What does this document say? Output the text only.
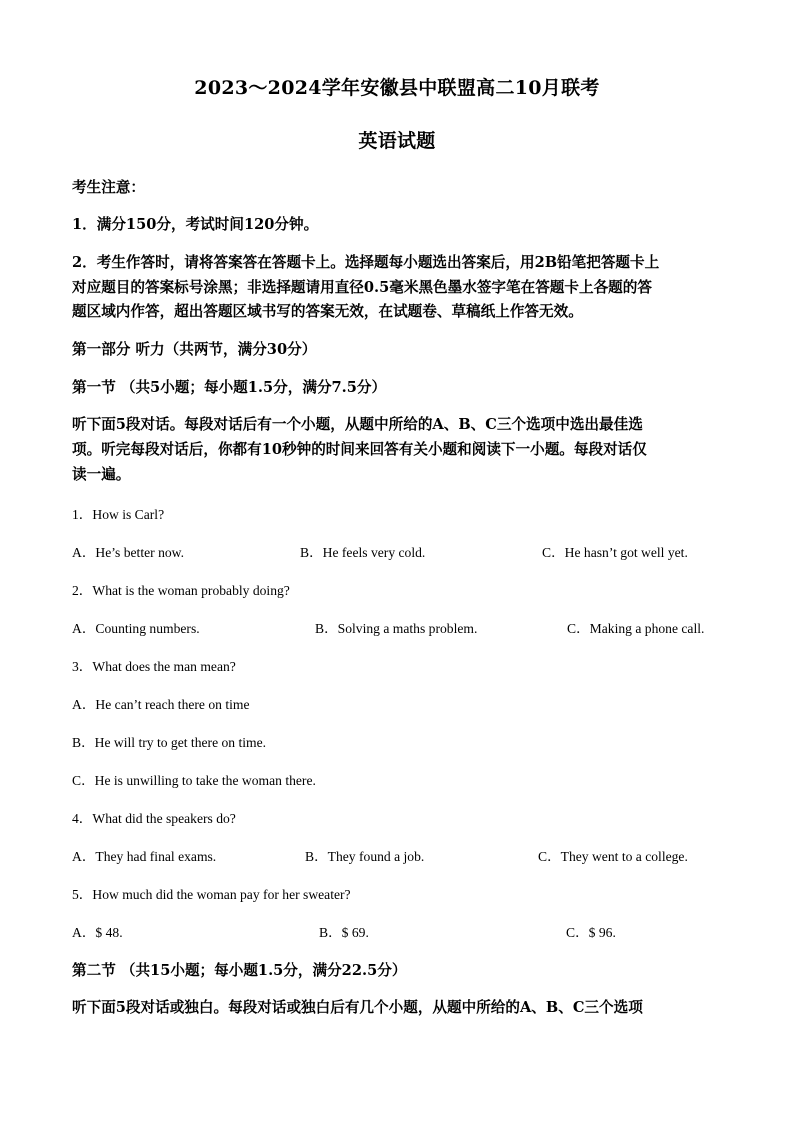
2023～2024学年安徽县中联盟高二10月联考
英语试题
考生注意：
1．满分150分，考试时间120分钟。
2．考生作答时，请将答案答在答题卡上。选择题每小题选出答案后，用2B铅笔把答题卡上
对应题目的答案标号涂黑；非选择题请用直径0.5毫米黑色墨水签字笔在答题卡上各题的答
题区域内作答，超出答题区域书写的答案无效，在试题卷、草稿纸上作答无效。
第一部分 听力（共两节，满分30分）
第一节 （共5小题；每小题1.5分，满分7.5分）
听下面5段对话。每段对话后有一个小题，从题中所给的A、B、C三个选项中选出最佳选
项。听完每段对话后，你都有10秒钟的时间来回答有关小题和阅读下一小题。每段对话仅
读一遍。
1．How is Carl?
A．He’s better now.	B．He feels very cold.	C．He hasn’t got well yet.
2．What is the woman probably doing?
A．Counting numbers.	B．Solving a maths problem.	C．Making a phone call.
3．What does the man mean?
A．He can’t reach there on time
B．He will try to get there on time.
C．He is unwilling to take the woman there.
4．What did the speakers do?
A．They had final exams.	B．They found a job.	C．They went to a college.
5．How much did the woman pay for her sweater?
A．$ 48.	B．$ 69.	C．$ 96.
第二节 （共15小题；每小题1.5分，满分22.5分）
听下面5段对话或独白。每段对话或独白后有几个小题，从题中所给的A、B、C三个选项
